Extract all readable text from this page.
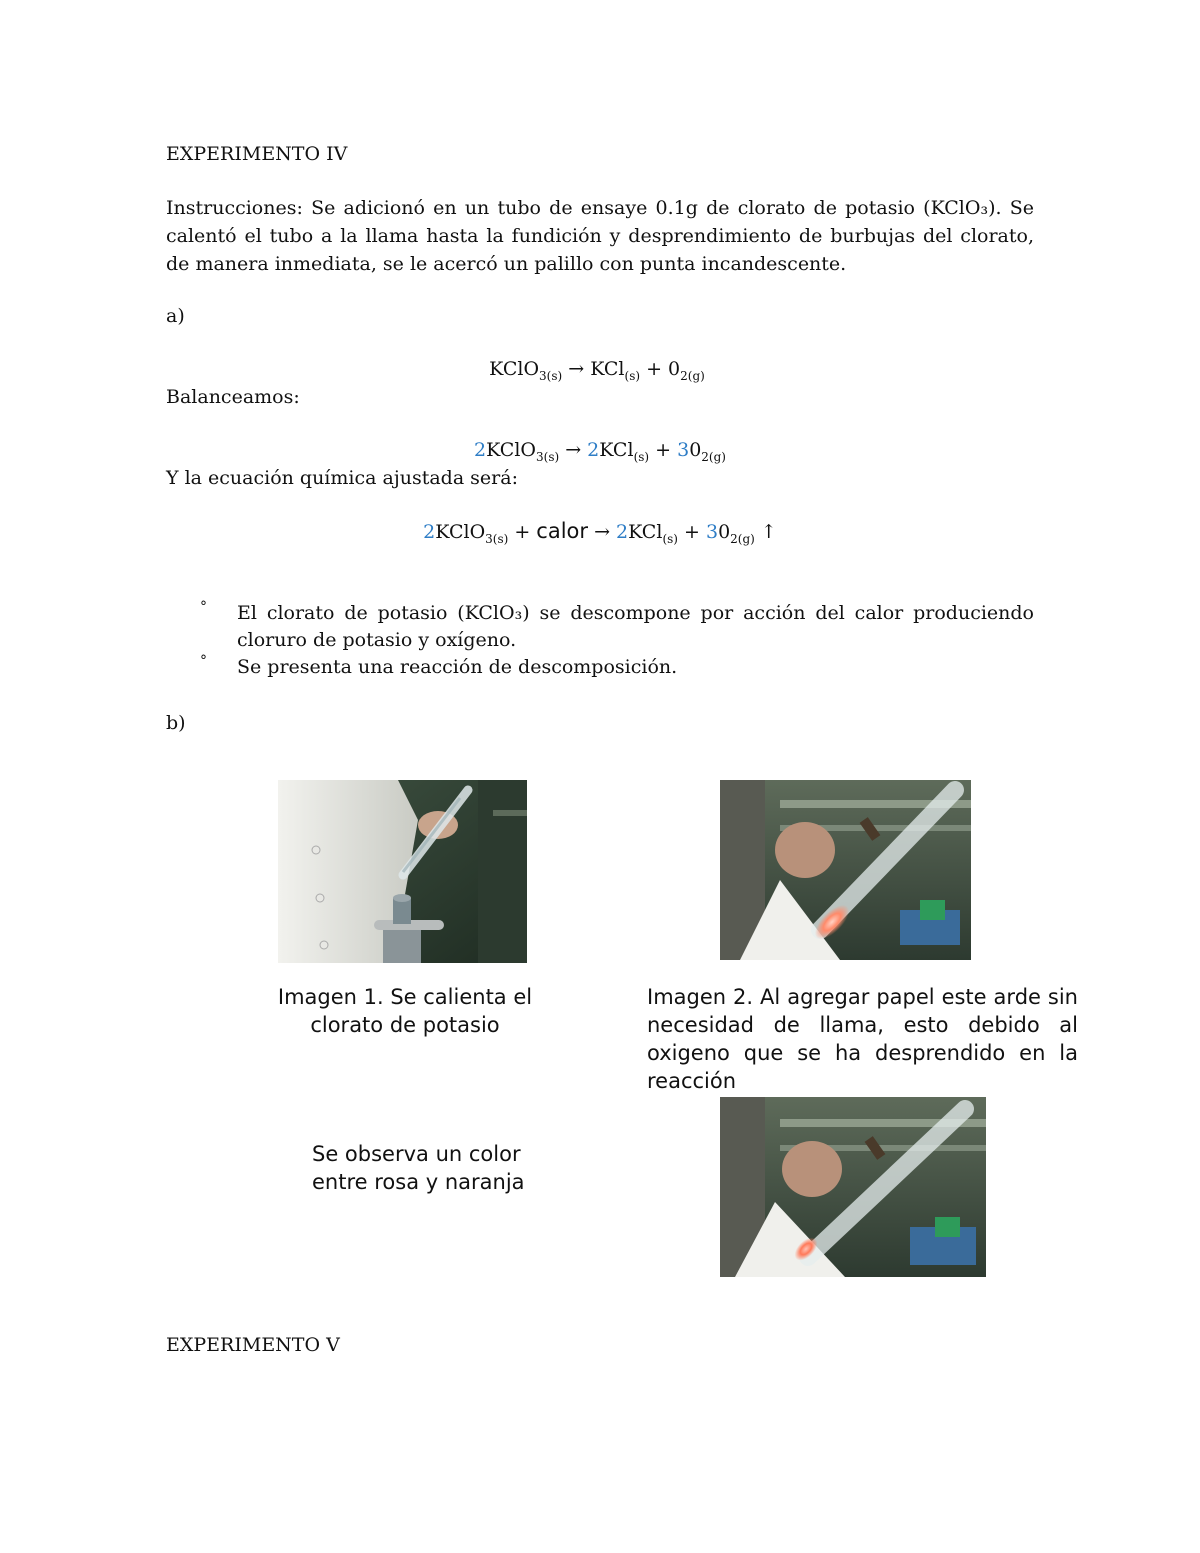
EXPERIMENTO IV
Instrucciones: Se adicionó en un tubo de ensaye 0.1g de clorato de potasio (KClO₃). Se calentó el tubo a la llama hasta la fundición y desprendimiento de burbujas del clorato, de manera inmediata, se le acercó un palillo con punta incandescente.
a)
KClO$_{3(s)}$ → $KCl_{(s)} + 0_{2(g)}$
Balanceamos:
2KClO$_{3(s)}$ → $2KCl_{(s)} + 30_{2(g)}$
Y la ecuación química ajustada será:
2KClO$_{3(s)}$ + calor → $2KCl_{(s)} + 30_{2(g)}$ ↑
° El clorato de potasio (KClO₃) se descompone por acción del calor produciendo cloruro de potasio y oxígeno.
° Se presenta una reacción de descomposición.
b)
Imagen 1. Se calienta el clorato de potasio
Imagen 2. Al agregar papel este arde sin necesidad de llama, esto debido al oxigeno que se ha desprendido en la reacción
Se observa un color entre rosa y naranja
EXPERIMENTO V
